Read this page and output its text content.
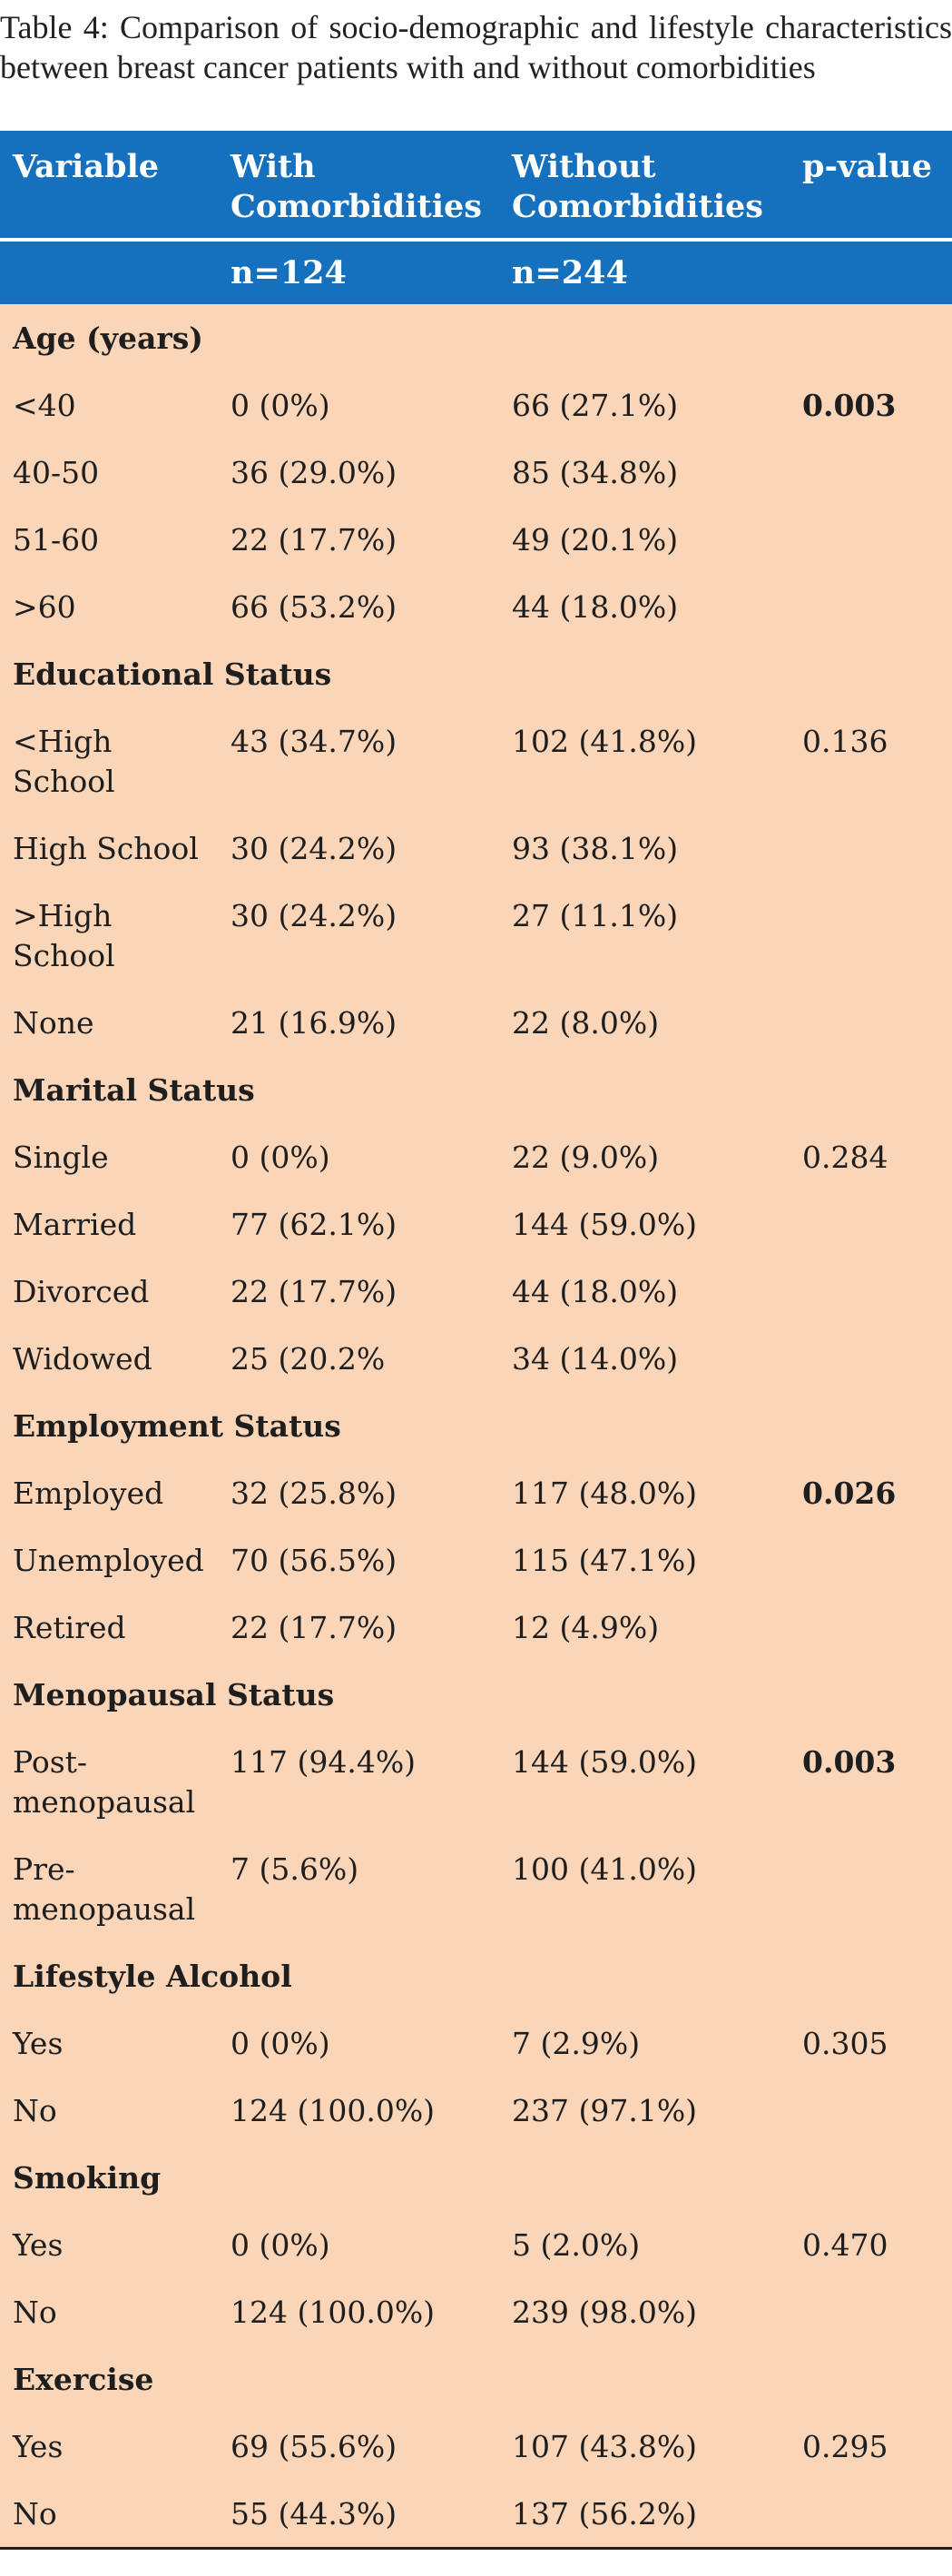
Table 4: Comparison of socio-demographic and lifestyle characteristics between breast cancer patients with and without comorbidities
Variable	With Comorbidities	Without Comorbidities	p-value
	n=124	n=244	
Age (years)			
<40	0 (0%)	66 (27.1%)	0.003
40-50	36 (29.0%)	85 (34.8%)	
51-60	22 (17.7%)	49 (20.1%)	
>60	66 (53.2%)	44 (18.0%)	
Educational Status			
<High School	43 (34.7%)	102 (41.8%)	0.136
High School	30 (24.2%)	93 (38.1%)	
>High School	30 (24.2%)	27 (11.1%)	
None	21 (16.9%)	22 (8.0%)	
Marital Status			
Single	0 (0%)	22 (9.0%)	0.284
Married	77 (62.1%)	144 (59.0%)	
Divorced	22 (17.7%)	44 (18.0%)	
Widowed	25 (20.2%	34 (14.0%)	
Employment Status			
Employed	32 (25.8%)	117 (48.0%)	0.026
Unemployed	70 (56.5%)	115 (47.1%)	
Retired	22 (17.7%)	12 (4.9%)	
Menopausal Status			
Post-menopausal	117 (94.4%)	144 (59.0%)	0.003
Pre-menopausal	7 (5.6%)	100 (41.0%)	
Lifestyle Alcohol			
Yes	0 (0%)	7 (2.9%)	0.305
No	124 (100.0%)	237 (97.1%)	
Smoking			
Yes	0 (0%)	5 (2.0%)	0.470
No	124 (100.0%)	239 (98.0%)	
Exercise			
Yes	69 (55.6%)	107 (43.8%)	0.295
No	55 (44.3%)	137 (56.2%)	
